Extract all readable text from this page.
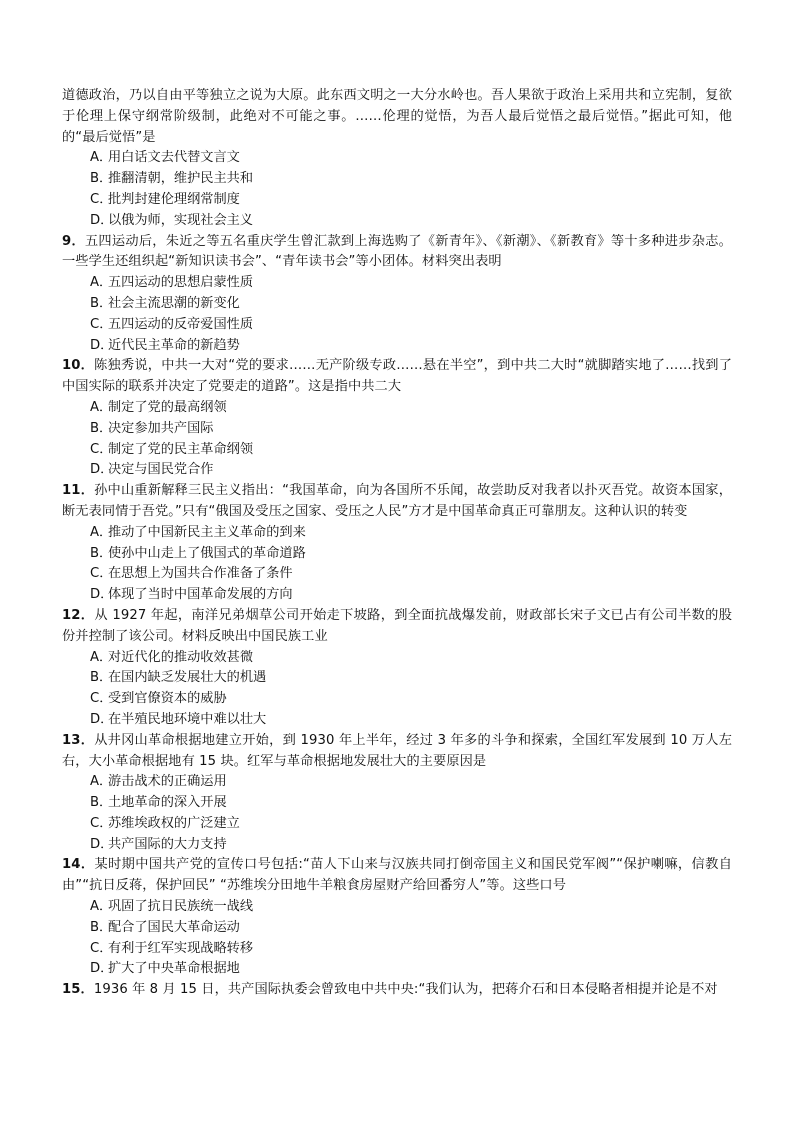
道德政治，乃以自由平等独立之说为大原。此东西文明之一大分水岭也。吾人果欲于政治上采用共和立宪制，复欲于伦理上保守纲常阶级制，此绝对不可能之事。……伦理的觉悟，为吾人最后觉悟之最后觉悟。”据此可知，他的“最后觉悟”是

A．用白话文去代替文言文
B．推翻清朝，维护民主共和
C．批判封建伦理纲常制度
D．以俄为师，实现社会主义

9．五四运动后，朱近之等五名重庆学生曾汇款到上海选购了《新青年》、《新潮》、《新教育》等十多种进步杂志。一些学生还组织起“新知识读书会”、“青年读书会”等小团体。材料突出表明

A．五四运动的思想启蒙性质
B．社会主流思潮的新变化
C．五四运动的反帝爱国性质
D．近代民主革命的新趋势

10．陈独秀说，中共一大对“党的要求……无产阶级专政……悬在半空”，到中共二大时“就脚踏实地了……找到了中国实际的联系并决定了党要走的道路”。这是指中共二大

A．制定了党的最高纲领
B．决定参加共产国际
C．制定了党的民主革命纲领
D．决定与国民党合作

11．孙中山重新解释三民主义指出：“我国革命，向为各国所不乐闻，故尝助反对我者以扑灭吾党。故资本国家，断无表同情于吾党。”只有“俄国及受压之国家、受压之人民”方才是中国革命真正可靠朋友。这种认识的转变

A．推动了中国新民主主义革命的到来
B．使孙中山走上了俄国式的革命道路
C．在思想上为国共合作准备了条件
D．体现了当时中国革命发展的方向

12．从 1927 年起，南洋兄弟烟草公司开始走下坡路，到全面抗战爆发前，财政部长宋子文已占有公司半数的股份并控制了该公司。材料反映出中国民族工业

A．对近代化的推动收效甚微
B．在国内缺乏发展壮大的机遇
C．受到官僚资本的威胁
D．在半殖民地环境中难以壮大

13．从井冈山革命根据地建立开始，到 1930 年上半年，经过 3 年多的斗争和探索，全国红军发展到 10 万人左右，大小革命根据地有 15 块。红军与革命根据地发展壮大的主要原因是

A．游击战术的正确运用
B．土地革命的深入开展
C．苏维埃政权的广泛建立
D．共产国际的大力支持

14．某时期中国共产党的宣传口号包括:“苗人下山来与汉族共同打倒帝国主义和国民党军阀”“保护喇嘛，信教自由”“抗日反蒋，保护回民” “苏维埃分田地牛羊粮食房屋财产给回番穷人”等。这些口号

A．巩固了抗日民族统一战线
B．配合了国民大革命运动
C．有利于红军实现战略转移
D．扩大了中央革命根据地

15．1936 年 8 月 15 日，共产国际执委会曾致电中共中央:“我们认为，把蒋介石和日本侵略者相提并论是不对
